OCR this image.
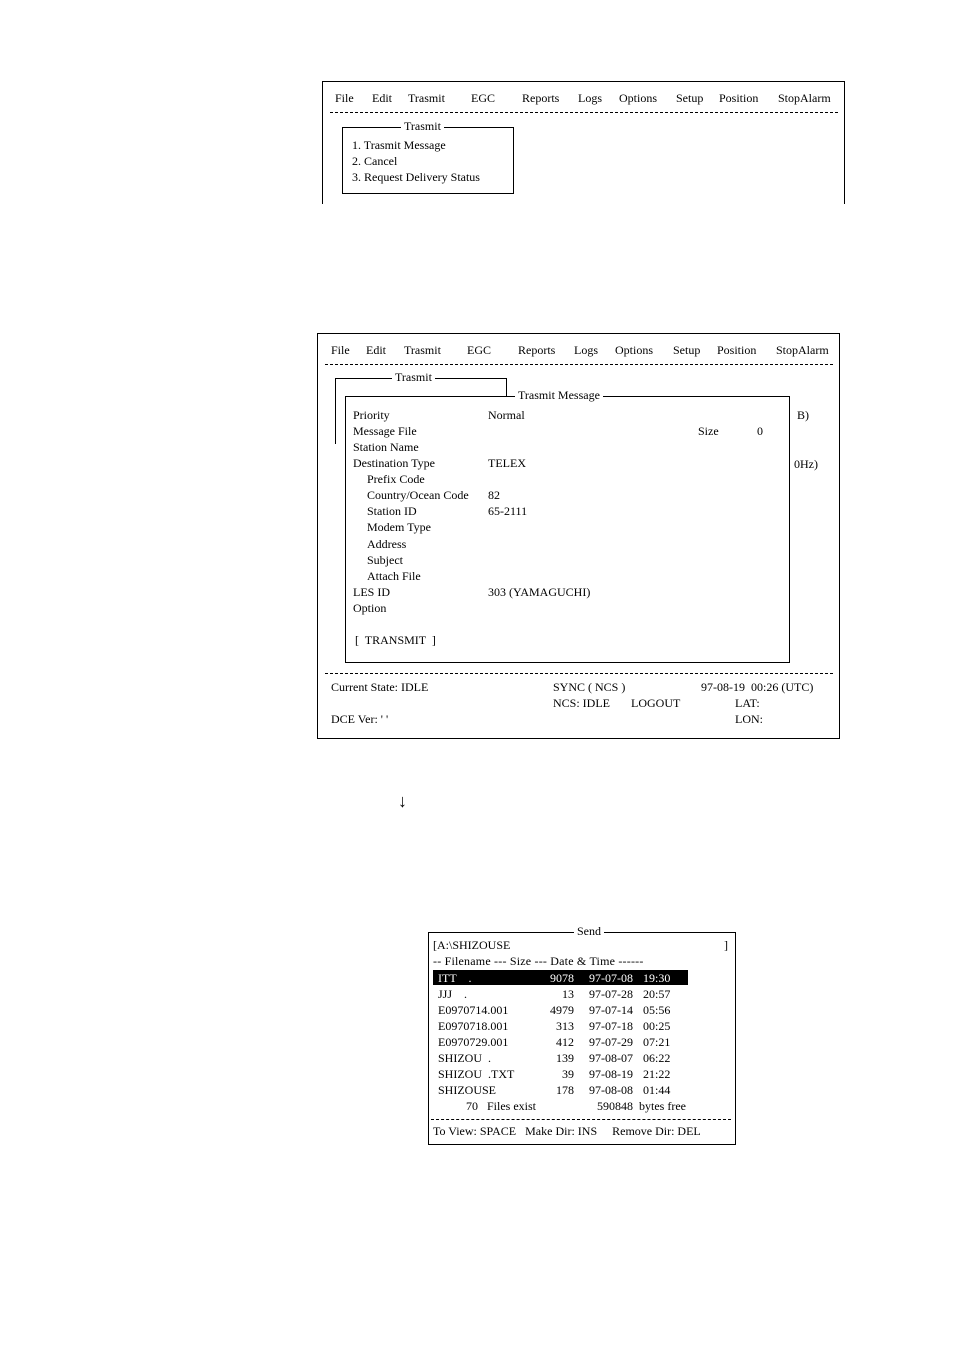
File Edit Trasmit EGC Reports Logs Options Setup Position StopAlarm
Trasmit
1. Trasmit Message
2. Cancel
3. Request Delivery Status
File Edit Trasmit EGC Reports Logs Options Setup Position StopAlarm
Trasmit
B)
0Hz)
Trasmit Message
Priority	Normal
Message File	Size	0
Station Name
Destination Type	TELEX
Prefix Code
Country/Ocean Code 82
Station ID	65-2111
Modem Type
Address
Subject
Attach File
LES ID	303 (YAMAGUCHI)
Option
[  TRANSMIT  ]
Current State: IDLE	SYNC ( NCS )	97-08-19  00:26 (UTC)
NCS: IDLE LOGOUT	LAT:
DCE Ver: ' '	LON:
↓
Send
[A:\SHIZOUSE	]
-- Filename --- Size --- Date & Time ------
ITT    .	9078 97-07-08 19:30
JJJ    .	13 97-07-28 20:57
E0970714.001	4979 97-07-14 05:56
E0970718.001	313 97-07-18 00:25
E0970729.001	412 97-07-29 07:21
SHIZOU  .	139 97-08-07 06:22
SHIZOU  .TXT	39 97-08-19 21:22
SHIZOUSE	178 97-08-08 01:44
70   Files exist	590848  bytes free
To View: SPACE   Make Dir: INS     Remove Dir: DEL
